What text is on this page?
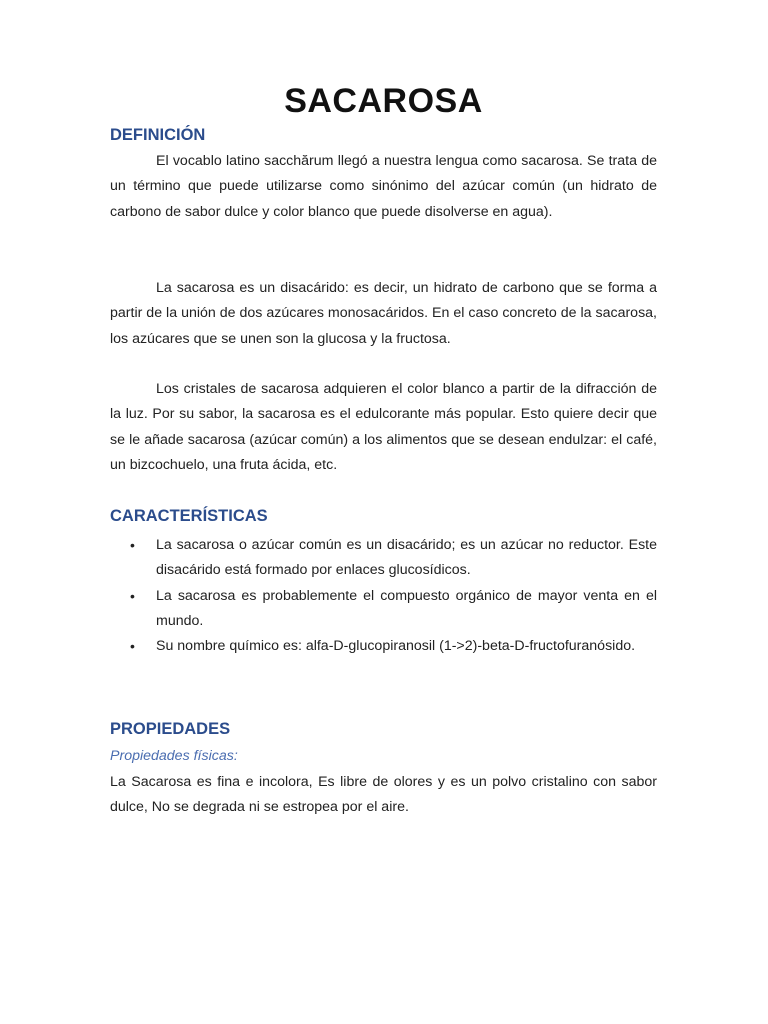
SACAROSA
DEFINICIÓN

El vocablo latino sacchărum llegó a nuestra lengua como sacarosa. Se trata de un término que puede utilizarse como sinónimo del azúcar común (un hidrato de carbono de sabor dulce y color blanco que puede disolverse en agua).

La sacarosa es un disacárido: es decir, un hidrato de carbono que se forma a partir de la unión de dos azúcares monosacáridos. En el caso concreto de la sacarosa, los azúcares que se unen son la glucosa y la fructosa.

Los cristales de sacarosa adquieren el color blanco a partir de la difracción de la luz. Por su sabor, la sacarosa es el edulcorante más popular. Esto quiere decir que se le añade sacarosa (azúcar común) a los alimentos que se desean endulzar: el café, un bizcochuelo, una fruta ácida, etc.

CARACTERÍSTICAS
• La sacarosa o azúcar común es un disacárido; es un azúcar no reductor. Este disacárido está formado por enlaces glucosídicos.
• La sacarosa es probablemente el compuesto orgánico de mayor venta en el mundo.
• Su nombre químico es: alfa-D-glucopiranosil (1->2)-beta-D-fructofuranósido.
PROPIEDADES
Propiedades físicas:

La Sacarosa es fina e incolora, Es libre de olores y es un polvo cristalino con sabor dulce, No se degrada ni se estropea por el aire.
